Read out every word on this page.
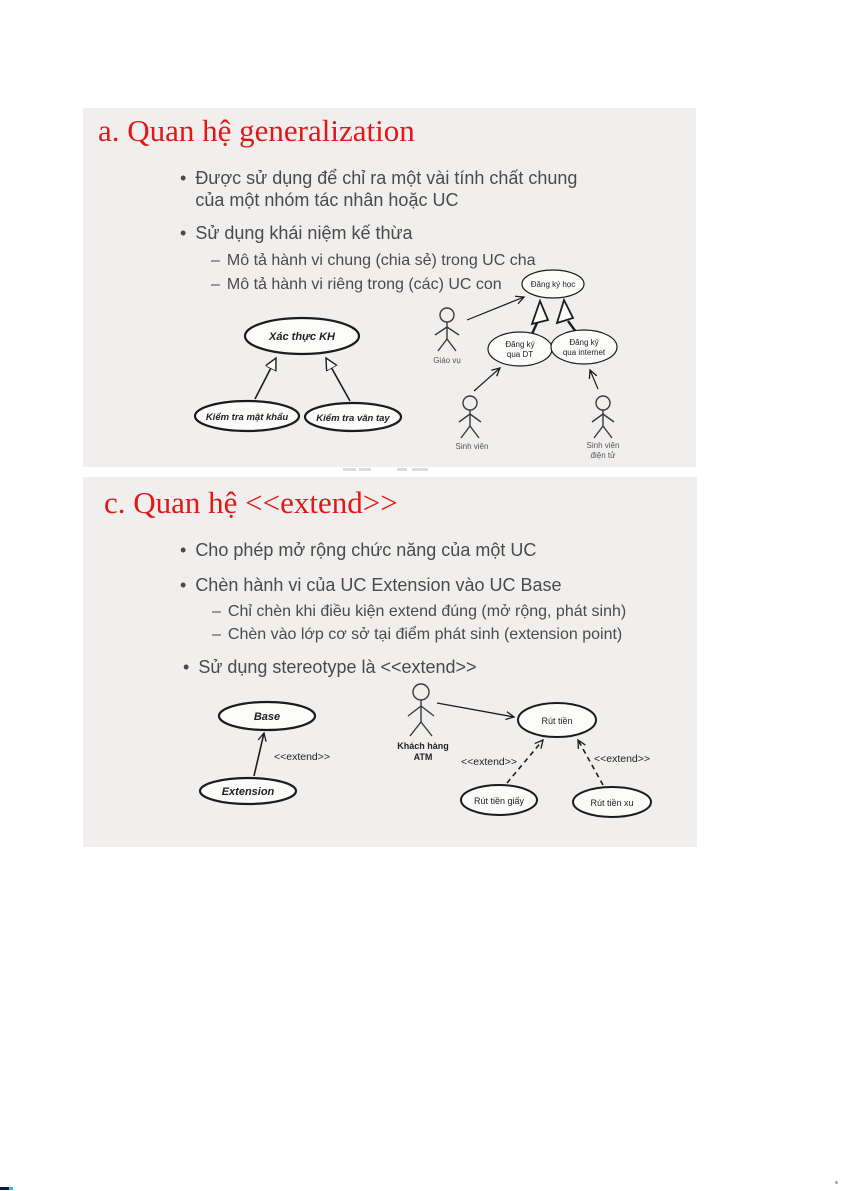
a. Quan hệ generalization
• Được sử dụng để chỉ ra một vài tính chất chung của một nhóm tác nhân hoặc UC
• Sử dụng khái niệm kế thừa
– Mô tả hành vi chung (chia sẻ) trong UC cha
– Mô tả hành vi riêng trong (các) UC con
Xác thực KH
Kiểm tra mật khẩu	Kiểm tra vân tay
Đăng ký học
Đăng ký
qua DT
Đăng ký
qua internet
Giáo vụ
Sinh viên	Sinh viên
điện tử
c. Quan hệ <<extend>>
• Cho phép mở rộng chức năng của một UC
• Chèn hành vi của UC Extension vào UC Base
– Chỉ chèn khi điều kiện extend đúng (mở rộng, phát sinh)
– Chèn vào lớp cơ sở tại điểm phát sinh (extension point)
• Sử dụng stereotype là <<extend>>
Base
Extension
<<extend>>
Rút tiền
Rút tiền giấy	Rút tiền xu
<<extend>>	<<extend>>
Khách hàng
ATM
